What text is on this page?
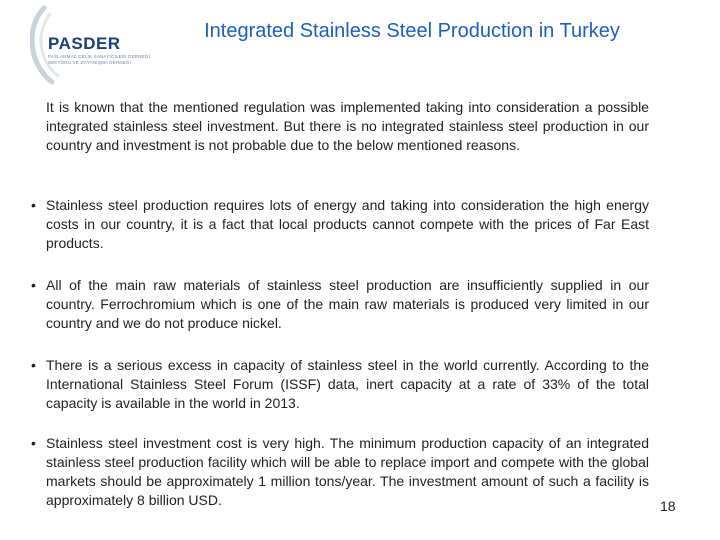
PASDER
PASLANMAZ ÇELİK SANAYİCİLERİ DERNEĞİ SEKTÖRÜ VE DAYANIŞMA DERNEĞİ
Integrated Stainless Steel Production in Turkey

It is known that the mentioned regulation was implemented taking into consideration a possible integrated stainless steel investment. But there is no integrated stainless steel production in our country and investment is not probable due to the below mentioned reasons.

• Stainless steel production requires lots of energy and taking into consideration the high energy costs in our country, it is a fact that local products cannot compete with the prices of Far East products.
• All of the main raw materials of stainless steel production are insufficiently supplied in our country. Ferrochromium which is one of the main raw materials is produced very limited in our country and we do not produce nickel.
• There is a serious excess in capacity of stainless steel in the world currently. According to the International Stainless Steel Forum (ISSF) data, inert capacity at a rate of 33% of the total capacity is available in the world in 2013.
• Stainless steel investment cost is very high. The minimum production capacity of an integrated stainless steel production facility which will be able to replace import and compete with the global markets should be approximately 1 million tons/year. The investment amount of such a facility is approximately 8 billion USD.	18
